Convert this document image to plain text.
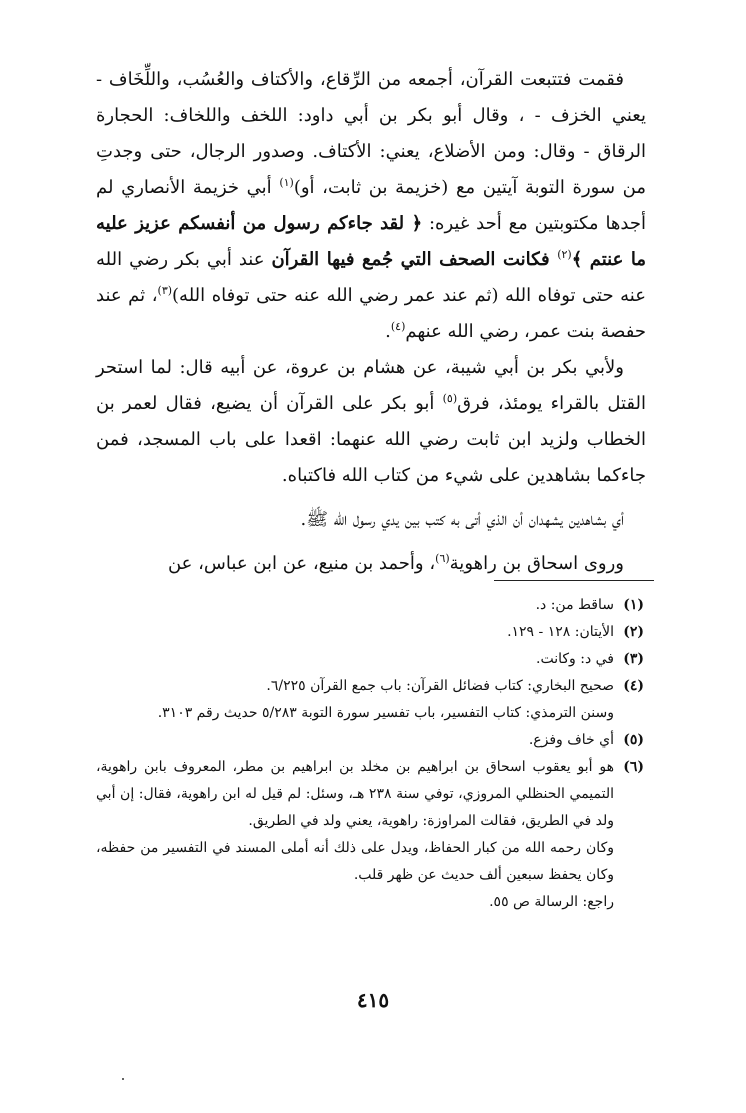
فقمت فتتبعت القرآن، أجمعه من الرِّقاع، والأكتاف والعُسُب، واللِّخَاف - يعني الخزف - ، وقال أبو بكر بن أبي داود: اللخف واللخاف: الحجارة الرقاق - وقال: ومن الأضلاع، يعني: الأكتاف. وصدور الرجال، حتى وجدتِ من سورة التوبة آيتين مع (خزيمة بن ثابت، أو)$^{(١)}$ أبي خزيمة الأنصاري لم أجدها مكتوبتين مع أحد غيره: ﴿ لقد جاءكم رسول من أنفسكم عزيز عليه ما عنتم ﴾$^{(٢)}$ فكانت الصحف التي جُمع فيها القرآن عند أبي بكر رضي الله عنه حتى توفاه الله (ثم عند عمر رضي الله عنه حتى توفاه الله)$^{(٣)}$، ثم عند حفصة بنت عمر، رضي الله عنهم$^{(٤)}$.

ولأبي بكر بن أبي شيبة، عن هشام بن عروة، عن أبيه قال: لما استحر القتل بالقراء يومئذ، فرق$^{(٥)}$ أبو بكر على القرآن أن يضيع، فقال لعمر بن الخطاب ولزيد ابن ثابت رضي الله عنهما: اقعدا على باب المسجد، فمن جاءكما بشاهدين على شيء من كتاب الله فاكتباه.

أي بشاهدين يشهدان أن الذي أتى به كتب بين يدي رسول الله ﷺ.

وروى اسحاق بن راهوية$^{(٦)}$، وأحمد بن منيع، عن ابن عباس، عن

(١)
ساقط من: د.
(٢)
الأيتان: ١٢٨ - ١٢٩.
(٣)
في د: وكانت.
(٤)
صحيح البخاري: كتاب فضائل القرآن: باب جمع القرآن ٦/٢٢٥.

وسنن الترمذي: كتاب التفسير، باب تفسير سورة التوبة ٥/٢٨٣ حديث رقم ٣١٠٣.

(٥)
أي خاف وفزع.
(٦)
هو أبو يعقوب اسحاق بن ابراهيم بن مخلد بن ابراهيم بن مطر، المعروف بابن راهوية، التميمي الحنظلي المروزي، توفي سنة ٢٣٨ هـ، وسئل: لم قيل له ابن راهوية، فقال: إن أبي ولد في الطريق، فقالت المراوزة: راهوية، يعني ولد في الطريق.

وكان رحمه الله من كبار الحفاظ، ويدل على ذلك أنه أملى المسند في التفسير من حفظه، وكان يحفظ سبعين ألف حديث عن ظهر قلب.

راجع: الرسالة ص ٥٥.

٤١٥
